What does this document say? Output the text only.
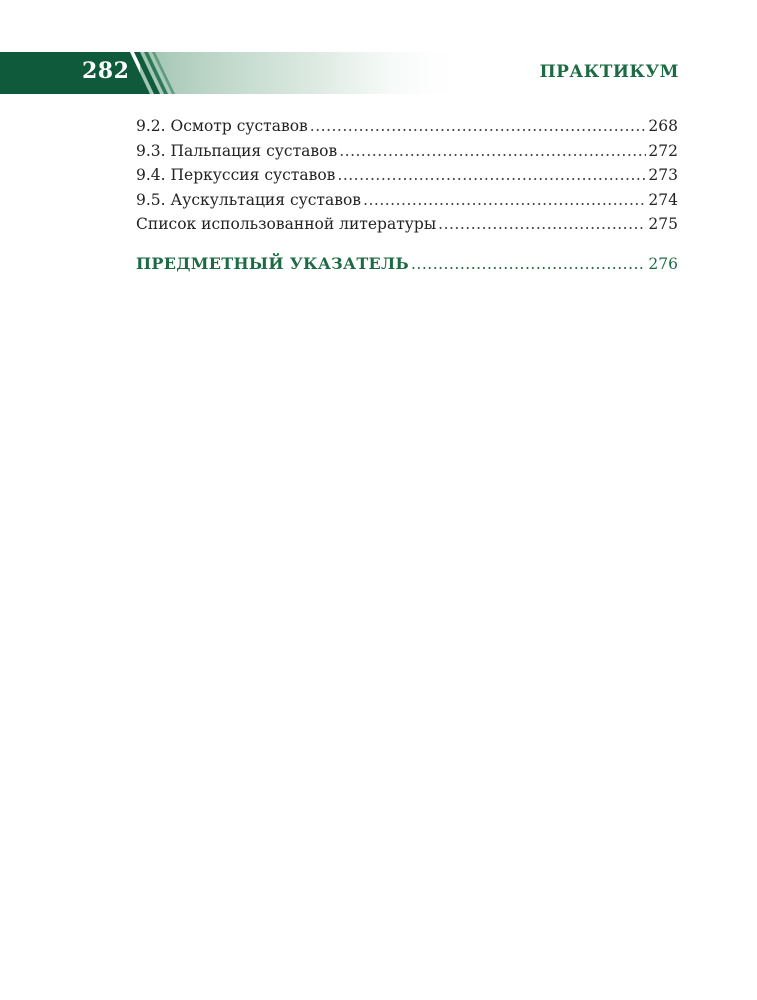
282	ПРАКТИКУМ
9.2. Осмотр суставов .....	268
9.3. Пальпация суставов .....	272
9.4. Перкуссия суставов .....	273
9.5. Аускультация суставов .....	274
Список использованной литературы .....	275
ПРЕДМЕТНЫЙ УКАЗАТЕЛЬ .....	276
